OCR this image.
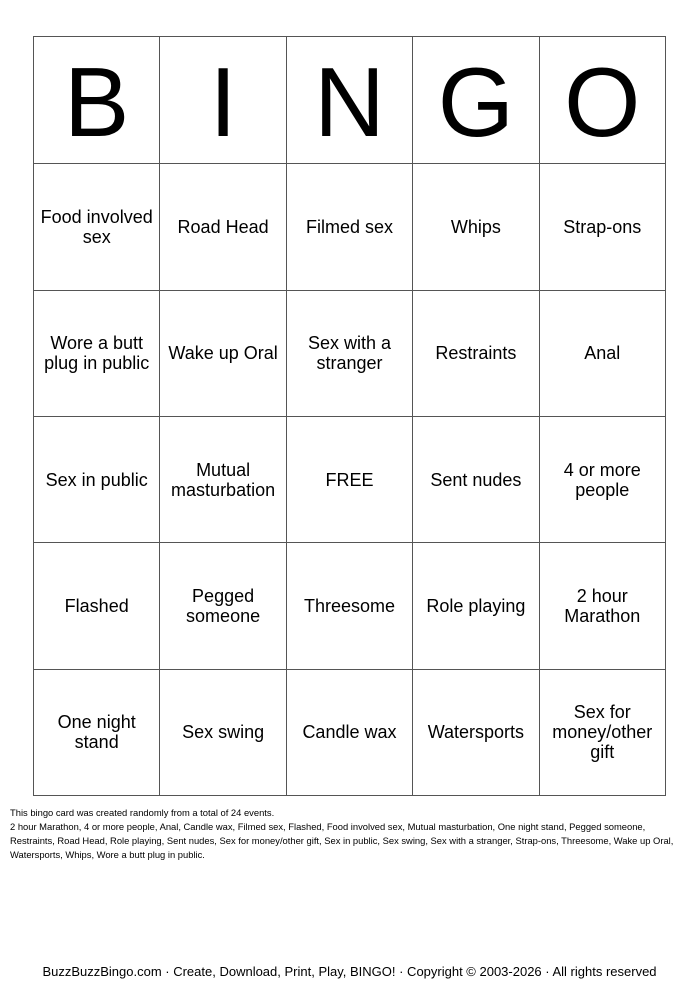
B	I	N	G	O
Food involved sex	Road Head	Filmed sex	Whips	Strap-ons
Wore a butt plug in public	Wake up Oral	Sex with a stranger	Restraints	Anal
Sex in public	Mutual masturbation	FREE	Sent nudes	4 or more people
Flashed	Pegged someone	Threesome	Role playing	2 hour Marathon
One night stand	Sex swing	Candle wax	Watersports	Sex for money/other gift
This bingo card was created randomly from a total of 24 events.
2 hour Marathon, 4 or more people, Anal, Candle wax, Filmed sex, Flashed, Food involved sex, Mutual masturbation, One night stand, Pegged someone, Restraints, Road Head, Role playing, Sent nudes, Sex for money/other gift, Sex in public, Sex swing, Sex with a stranger, Strap-ons, Threesome, Wake up Oral, Watersports, Whips, Wore a butt plug in public.
BuzzBuzzBingo.com · Create, Download, Print, Play, BINGO! · Copyright © 2003-2026 · All rights reserved
